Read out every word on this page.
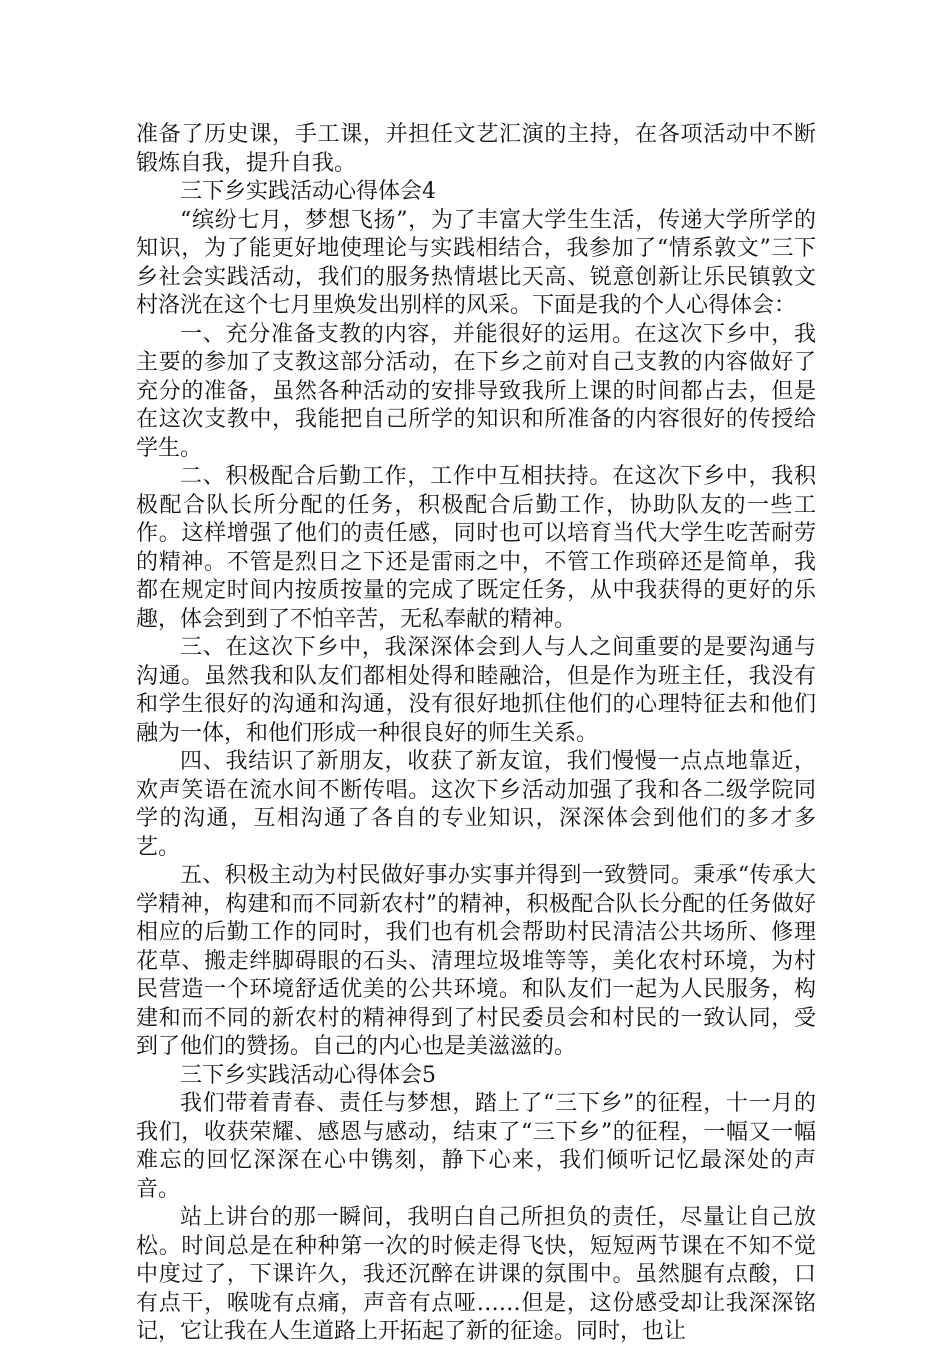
准备了历史课，手工课，并担任文艺汇演的主持，在各项活动中不断锻炼自我，提升自我。

三下乡实践活动心得体会4

“缤纷七月，梦想飞扬”，为了丰富大学生生活，传递大学所学的知识，为了能更好地使理论与实践相结合，我参加了“情系敦文”三下乡社会实践活动，我们的服务热情堪比天高、锐意创新让乐民镇敦文村洛洸在这个七月里焕发出别样的风采。下面是我的个人心得体会：

一、充分准备支教的内容，并能很好的运用。在这次下乡中，我主要的参加了支教这部分活动，在下乡之前对自己支教的内容做好了充分的准备，虽然各种活动的安排导致我所上课的时间都占去，但是在这次支教中，我能把自己所学的知识和所准备的内容很好的传授给学生。

二、积极配合后勤工作，工作中互相扶持。在这次下乡中，我积极配合队长所分配的任务，积极配合后勤工作，协助队友的一些工作。这样增强了他们的责任感，同时也可以培育当代大学生吃苦耐劳的精神。不管是烈日之下还是雷雨之中，不管工作琐碎还是简单，我都在规定时间内按质按量的完成了既定任务，从中我获得的更好的乐趣，体会到到了不怕辛苦，无私奉献的精神。

三、在这次下乡中，我深深体会到人与人之间重要的是要沟通与沟通。虽然我和队友们都相处得和睦融洽，但是作为班主任，我没有和学生很好的沟通和沟通，没有很好地抓住他们的心理特征去和他们融为一体，和他们形成一种很良好的师生关系。

四、我结识了新朋友，收获了新友谊，我们慢慢一点点地靠近，欢声笑语在流水间不断传唱。这次下乡活动加强了我和各二级学院同学的沟通，互相沟通了各自的专业知识，深深体会到他们的多才多艺。

五、积极主动为村民做好事办实事并得到一致赞同。秉承“传承大学精神，构建和而不同新农村”的精神，积极配合队长分配的任务做好相应的后勤工作的同时，我们也有机会帮助村民清洁公共场所、修理花草、搬走绊脚碍眼的石头、清理垃圾堆等等，美化农村环境，为村民营造一个环境舒适优美的公共环境。和队友们一起为人民服务，构建和而不同的新农村的精神得到了村民委员会和村民的一致认同，受到了他们的赞扬。自己的内心也是美滋滋的。

三下乡实践活动心得体会5

我们带着青春、责任与梦想，踏上了“三下乡”的征程，十一月的我们，收获荣耀、感恩与感动，结束了“三下乡”的征程，一幅又一幅难忘的回忆深深在心中镌刻，静下心来，我们倾听记忆最深处的声音。

站上讲台的那一瞬间，我明白自己所担负的责任，尽量让自己放松。时间总是在种种第一次的时候走得飞快，短短两节课在不知不觉中度过了，下课许久，我还沉醉在讲课的氛围中。虽然腿有点酸，口有点干，喉咙有点痛，声音有点哑……但是，这份感受却让我深深铭记，它让我在人生道路上开拓起了新的征途。同时，也让
